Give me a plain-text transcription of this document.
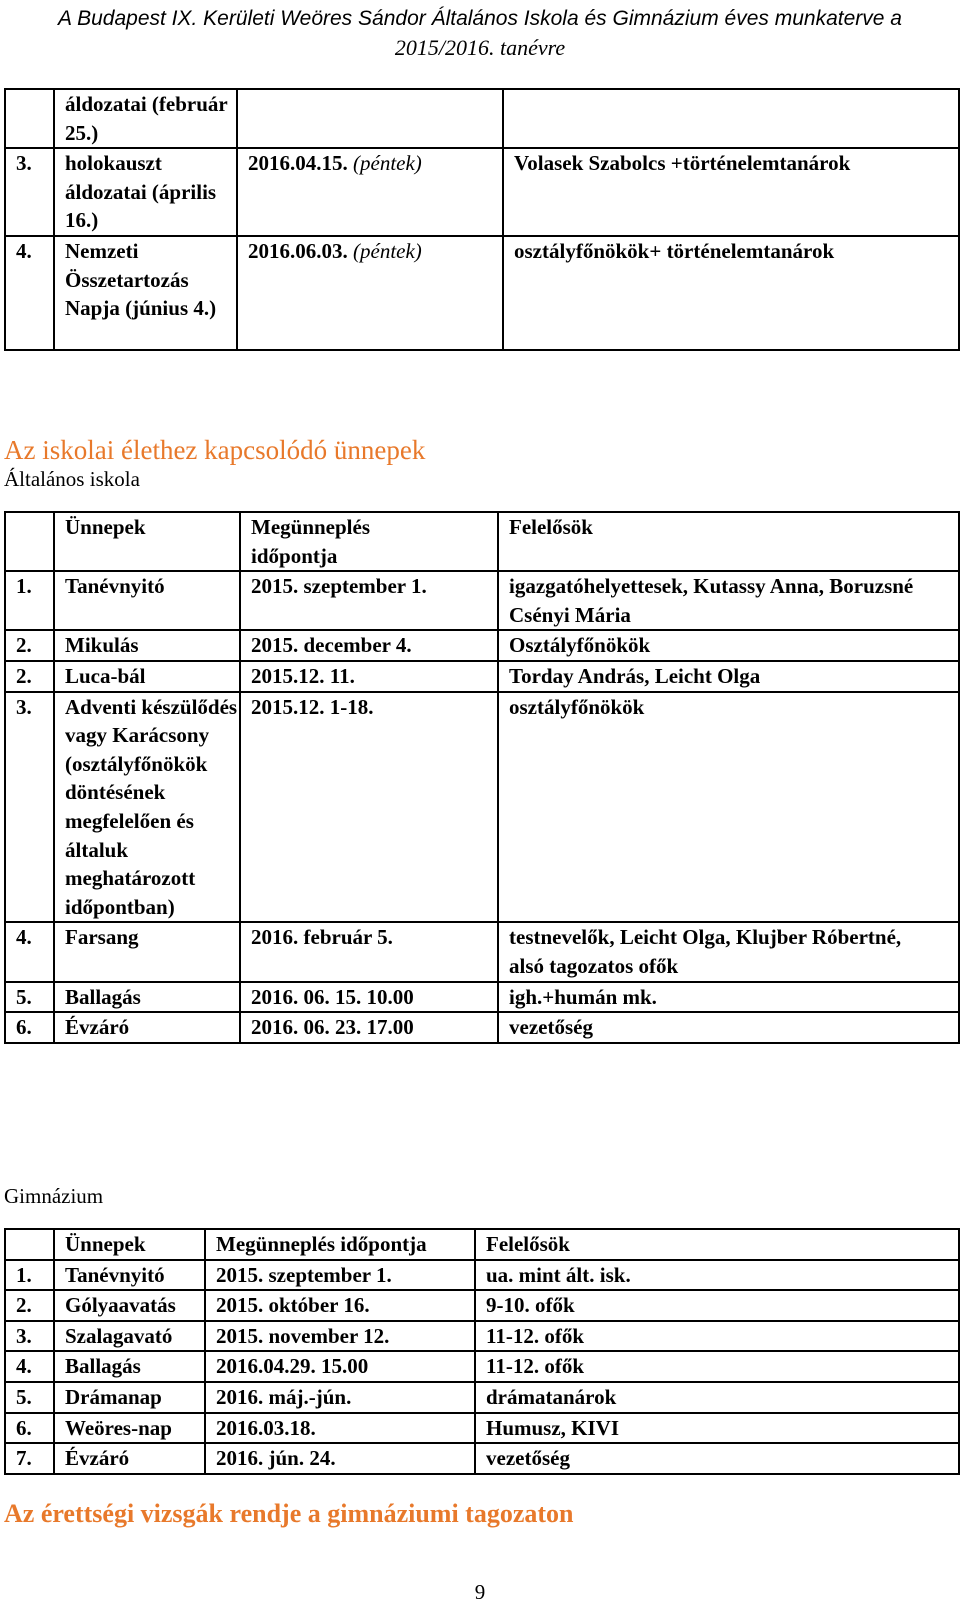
A Budapest IX. Kerületi Weöres Sándor Általános Iskola és Gimnázium éves munkaterve a
2015/2016. tanévre
	áldozatai (február 25.)		
3.	holokauszt áldozatai (április 16.)	2016.04.15. (péntek)	Volasek Szabolcs +történelemtanárok
4.	Nemzeti Összetartozás Napja (június 4.)	2016.06.03. (péntek)	osztályfőnökök+ történelemtanárok
Az iskolai élethez kapcsolódó ünnepek
Általános iskola
	Ünnepek	Megünneplés időpontja	Felelősök
1.	Tanévnyitó	2015. szeptember 1.	igazgatóhelyettesek, Kutassy Anna, Boruzsné Csényi Mária
2.	Mikulás	2015. december 4.	Osztályfőnökök
2.	Luca-bál	2015.12. 11.	Torday András, Leicht Olga
3.	Adventi készülődés vagy Karácsony (osztályfőnökök döntésének megfelelően és általuk meghatározott időpontban)	2015.12. 1-18.	osztályfőnökök
4.	Farsang	2016. február 5.	testnevelők, Leicht Olga, Klujber Róbertné, alsó tagozatos ofők
5.	Ballagás	2016. 06. 15. 10.00	igh.+humán mk.
6.	Évzáró	2016. 06. 23. 17.00	vezetőség
Gimnázium
	Ünnepek	Megünneplés időpontja	Felelősök
1.	Tanévnyitó	2015. szeptember 1.	ua. mint ált. isk.
2.	Gólyaavatás	2015. október 16.	9-10. ofők
3.	Szalagavató	2015. november 12.	11-12. ofők
4.	Ballagás	2016.04.29. 15.00	11-12. ofők
5.	Drámanap	2016. máj.-jún.	drámatanárok
6.	Weöres-nap	2016.03.18.	Humusz, KIVI
7.	Évzáró	2016. jún. 24.	vezetőség
Az érettségi vizsgák rendje a gimnáziumi tagozaton
9
